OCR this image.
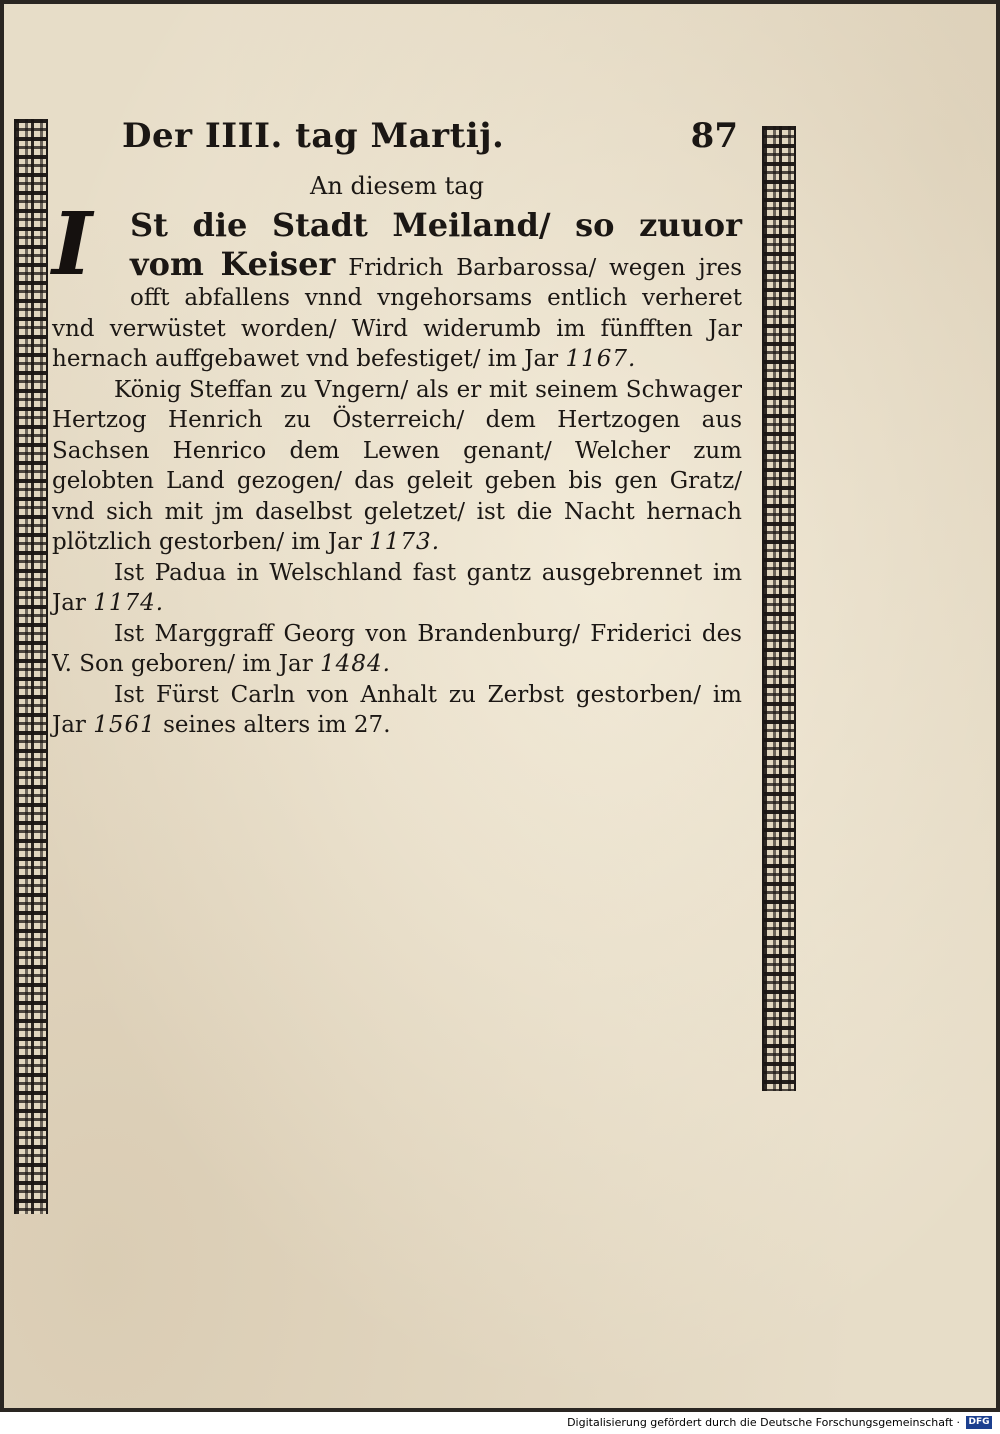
Der IIII. tag Martij.	87
An diesem tag
I	St die Stadt Meiland/ so zuuor vom Keiser Fridrich Barbarossa/ wegen jres offt abfallens vnnd vngehorsams entlich verheret vnd verwüstet worden/ Wird widerumb im fünfften Jar hernach auffgebawet vnd befestiget/ im Jar 1167.

König Steffan zu Vngern/ als er mit seinem Schwager Hertzog Henrich zu Österreich/ dem Hertzogen aus Sachsen Henrico dem Lewen genant/ Welcher zum gelobten Land gezogen/ das geleit geben bis gen Gratz/ vnd sich mit jm daselbst geletzet/ ist die Nacht hernach plötzlich gestorben/ im Jar 1173.

Ist Padua in Welschland fast gantz ausgebrennet im Jar 1174.

Ist Marggraff Georg von Brandenburg/ Friderici des V. Son geboren/ im Jar 1484.

Ist Fürst Carln von Anhalt zu Zerbst gestorben/ im Jar 1561 seines alters im 27.

Digitalisierung gefördert durch die Deutsche Forschungsgemeinschaft · DFG
